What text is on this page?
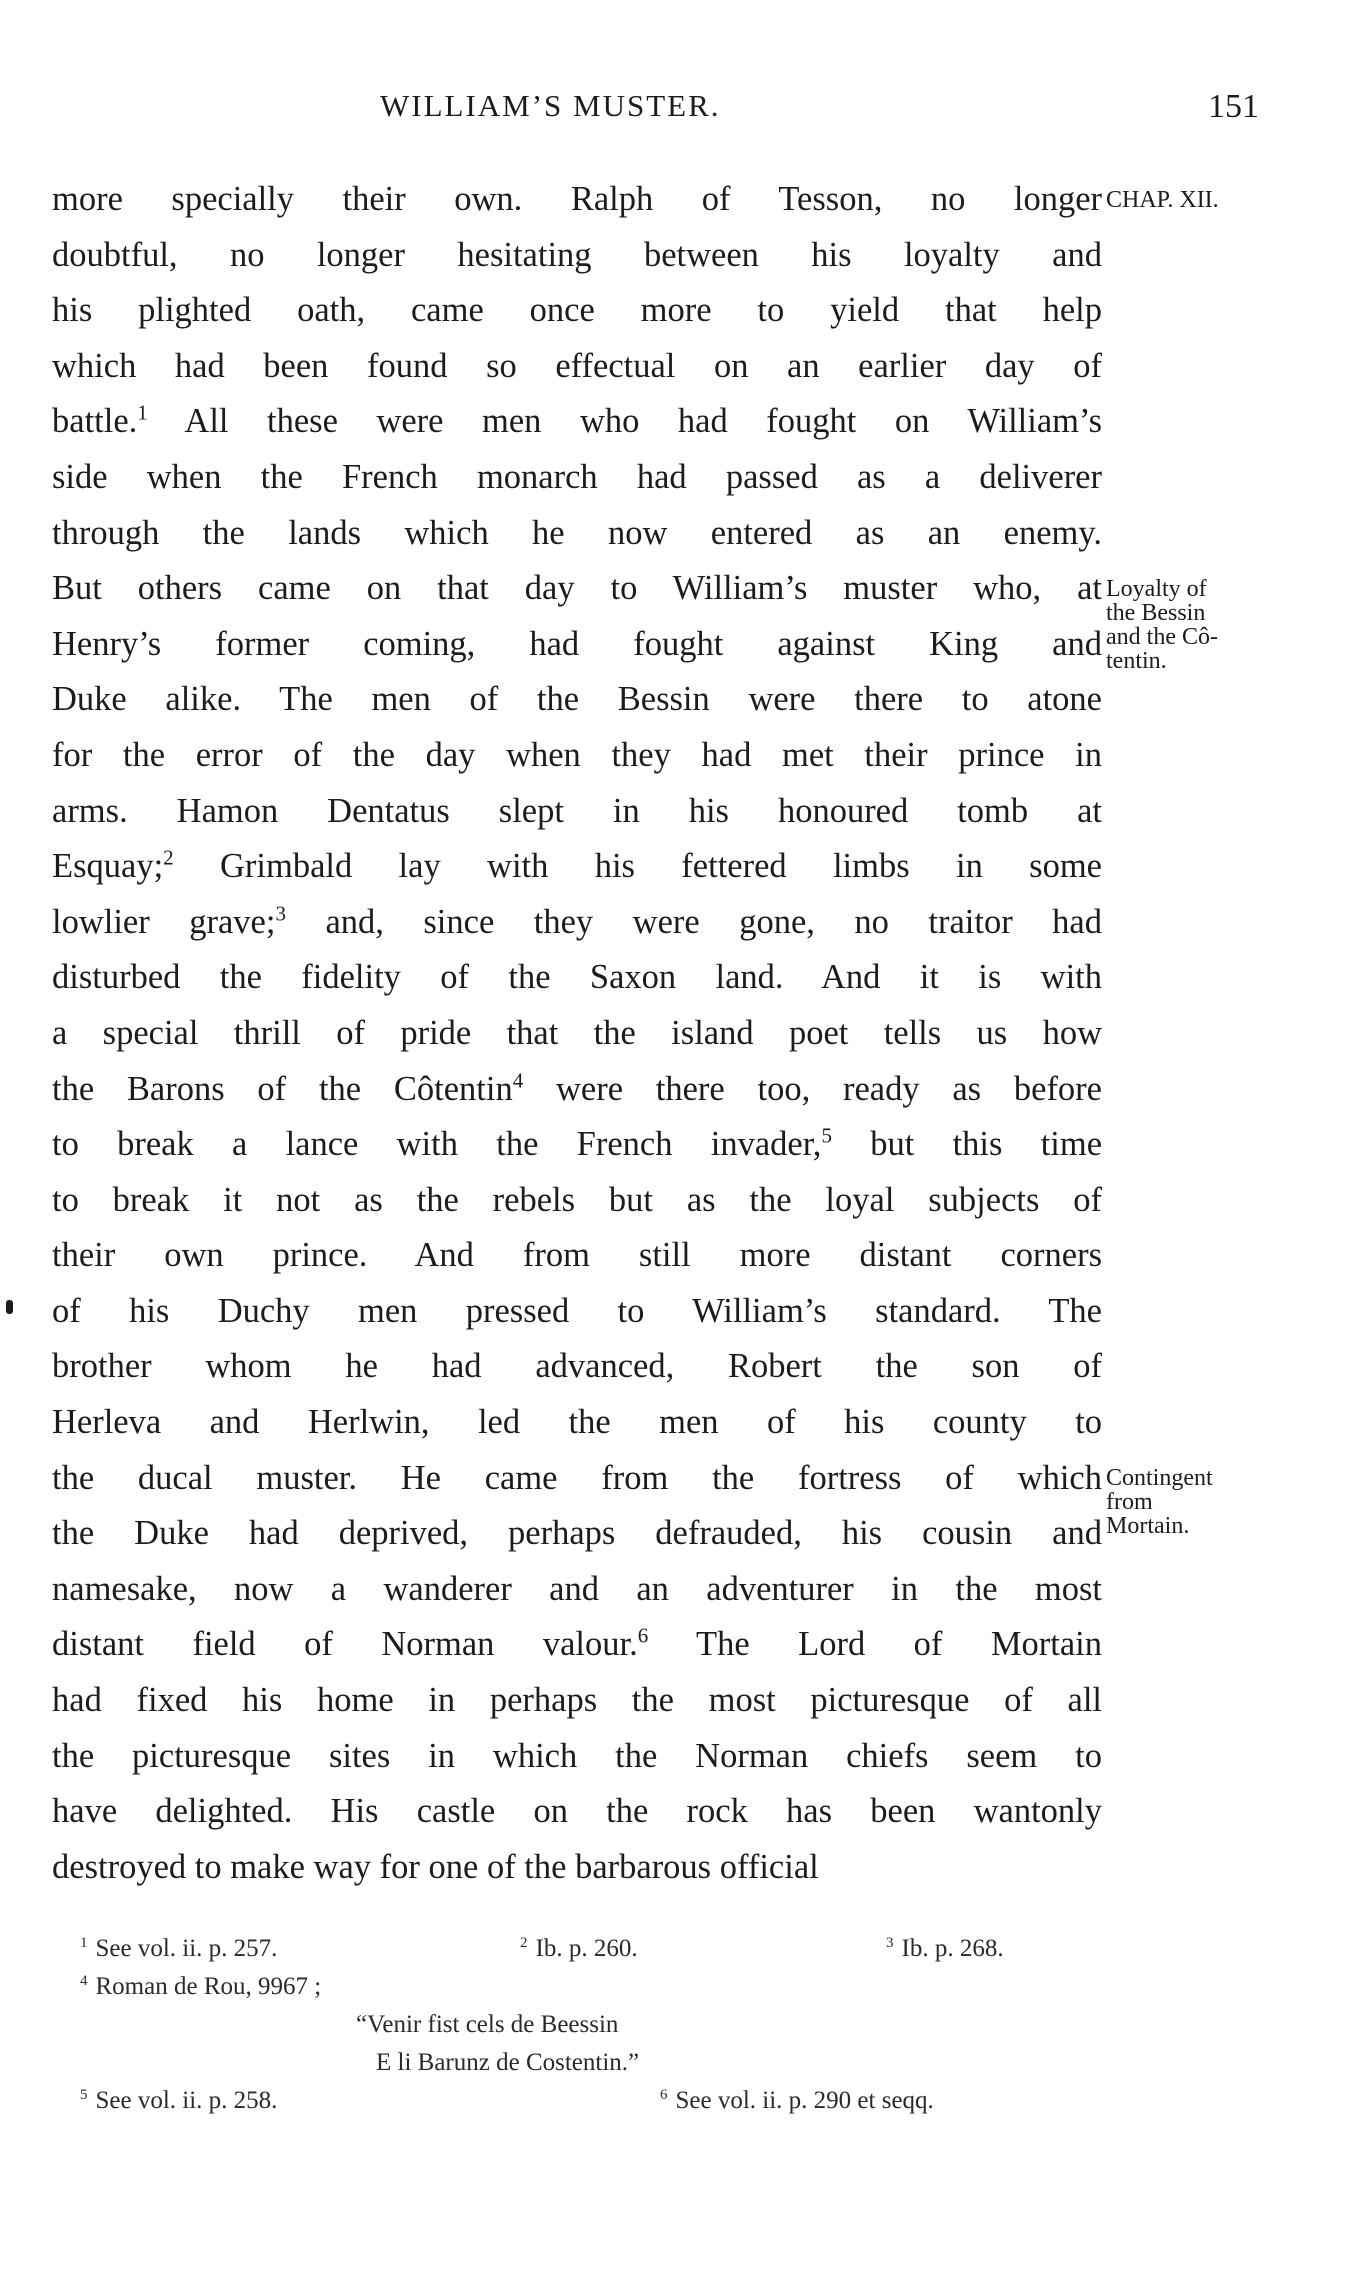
WILLIAM’S MUSTER.	151
more specially their own. Ralph of Tesson, no longer
doubtful, no longer hesitating between his loyalty and
his plighted oath, came once more to yield that help
which had been found so effectual on an earlier day of
battle.$^1$ All these were men who had fought on William’s
side when the French monarch had passed as a deliverer
through the lands which he now entered as an enemy.
But others came on that day to William’s muster who, at
Henry’s former coming, had fought against King and
Duke alike. The men of the Bessin were there to atone
for the error of the day when they had met their prince in
arms. Hamon Dentatus slept in his honoured tomb at
Esquay;$^2$ Grimbald lay with his fettered limbs in some
lowlier grave;$^3$ and, since they were gone, no traitor had
disturbed the fidelity of the Saxon land. And it is with
a special thrill of pride that the island poet tells us how
the Barons of the Côtentin$^4$ were there too, ready as before
to break a lance with the French invader,$^5$ but this time
to break it not as the rebels but as the loyal subjects of
their own prince. And from still more distant corners
of his Duchy men pressed to William’s standard. The
brother whom he had advanced, Robert the son of
Herleva and Herlwin, led the men of his county to
the ducal muster. He came from the fortress of which
the Duke had deprived, perhaps defrauded, his cousin and
namesake, now a wanderer and an adventurer in the most
distant field of Norman valour.$^6$ The Lord of Mortain
had fixed his home in perhaps the most picturesque of all
the picturesque sites in which the Norman chiefs seem to
have delighted. His castle on the rock has been wantonly
destroyed to make way for one of the barbarous official
CHAP. XII.
Loyalty of
the Bessin
and the Cô-
tentin.
Contingent
from
Mortain.
$^1$ See vol. ii. p. 257.	$^2$ Ib. p. 260.	$^3$ Ib. p. 268.
$^4$ Roman de Rou, 9967 ;
“Venir fist cels de Beessin
E li Barunz de Costentin.”
$^5$ See vol. ii. p. 258.	$^6$ See vol. ii. p. 290 et seqq.
